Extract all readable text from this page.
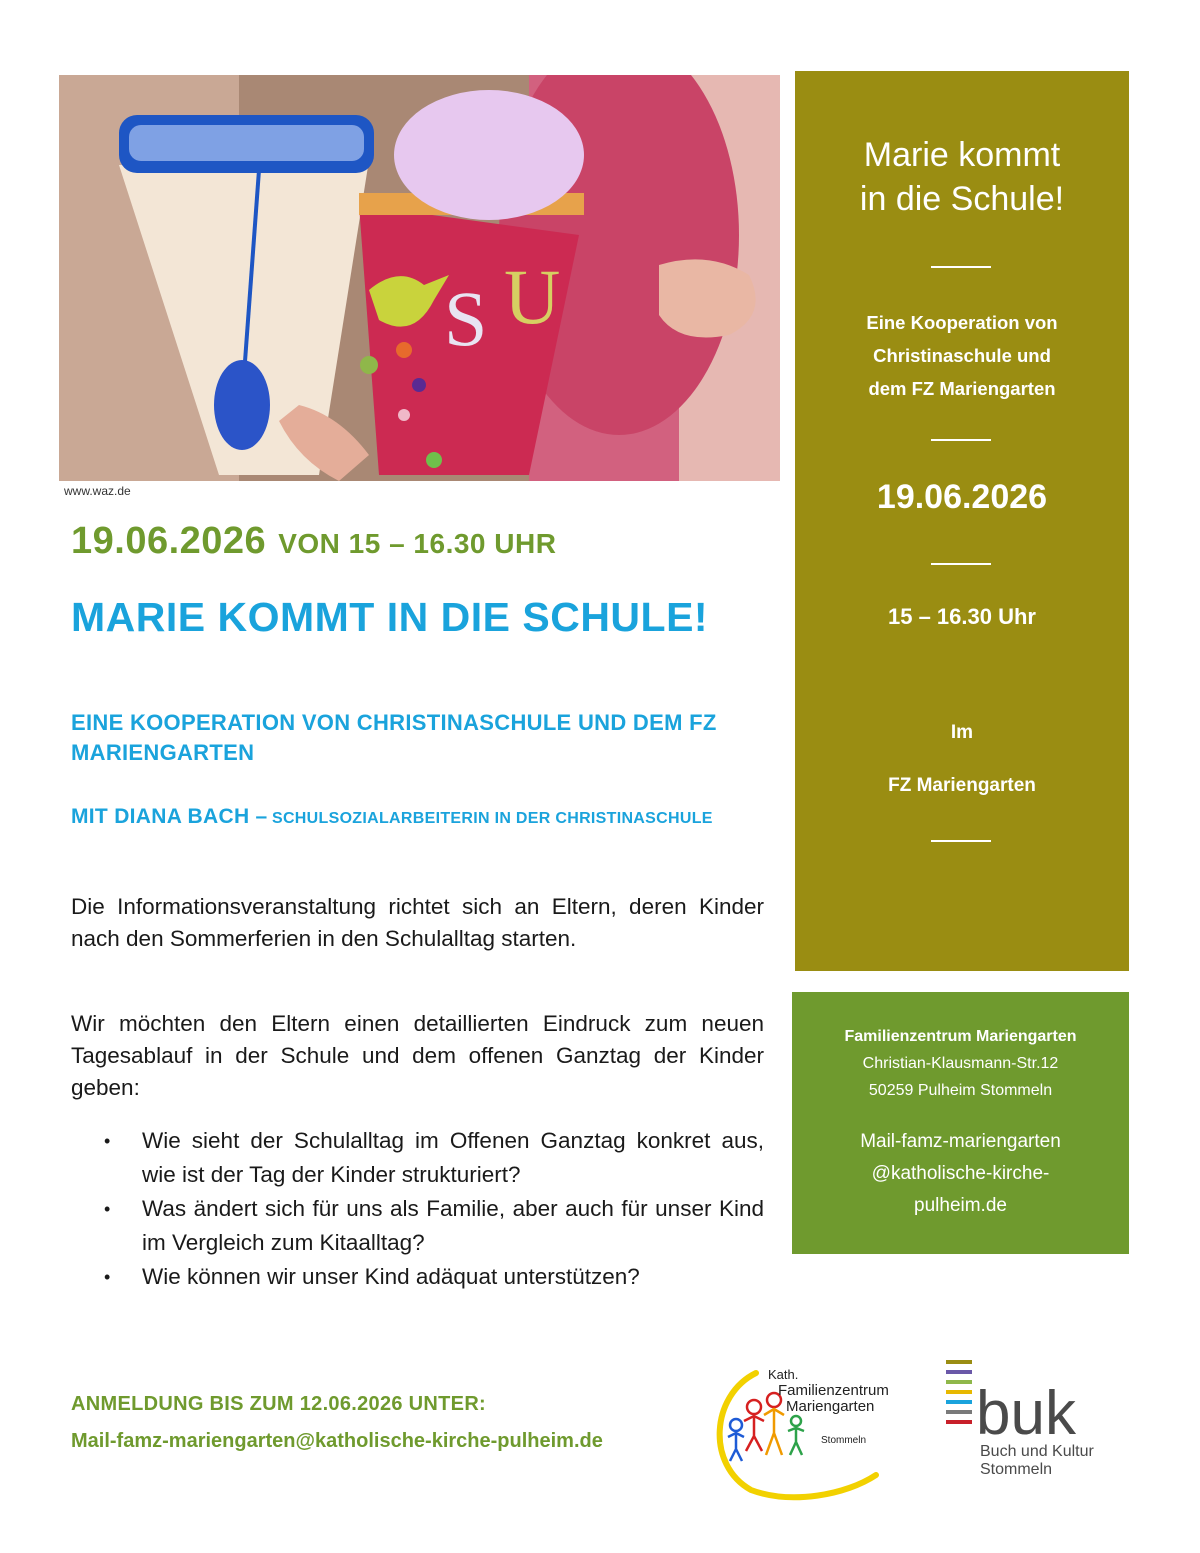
S U
www.waz.de
19.06.2026 VON 15 – 16.30 UHR
MARIE KOMMT IN DIE SCHULE!
EINE KOOPERATION VON CHRISTINASCHULE UND DEM FZ MARIENGARTEN

MIT DIANA BACH – SCHULSOZIALARBEITERIN IN DER CHRISTINASCHULE

Die Informationsveranstaltung richtet sich an Eltern, deren Kinder nach den Sommerferien in den Schulalltag starten.

Wir möchten den Eltern einen detaillierten Eindruck zum neuen Tagesablauf in der Schule und dem offenen Ganztag der Kinder geben:

• Wie sieht der Schulalltag im Offenen Ganztag konkret aus, wie ist der Tag der Kinder strukturiert?
• Was ändert sich für uns als Familie, aber auch für unser Kind im Vergleich zum Kitaalltag?
• Wie können wir unser Kind adäquat unterstützen?
ANMELDUNG BIS ZUM 12.06.2026 UNTER:

Mail-famz-mariengarten@katholische-kirche-pulheim.de

Marie kommt
in die Schule!
Eine Kooperation von
Christinaschule und
dem FZ Mariengarten
19.06.2026
15 – 16.30 Uhr
Im
FZ Mariengarten
Familienzentrum Mariengarten
Christian-Klausmann-Str.12
50259 Pulheim Stommeln
Mail-famz-mariengarten
@katholische-kirche-
pulheim.de
Kath.
Familienzentrum
Mariengarten
Stommeln buk
Buch und Kultur
Stommeln
